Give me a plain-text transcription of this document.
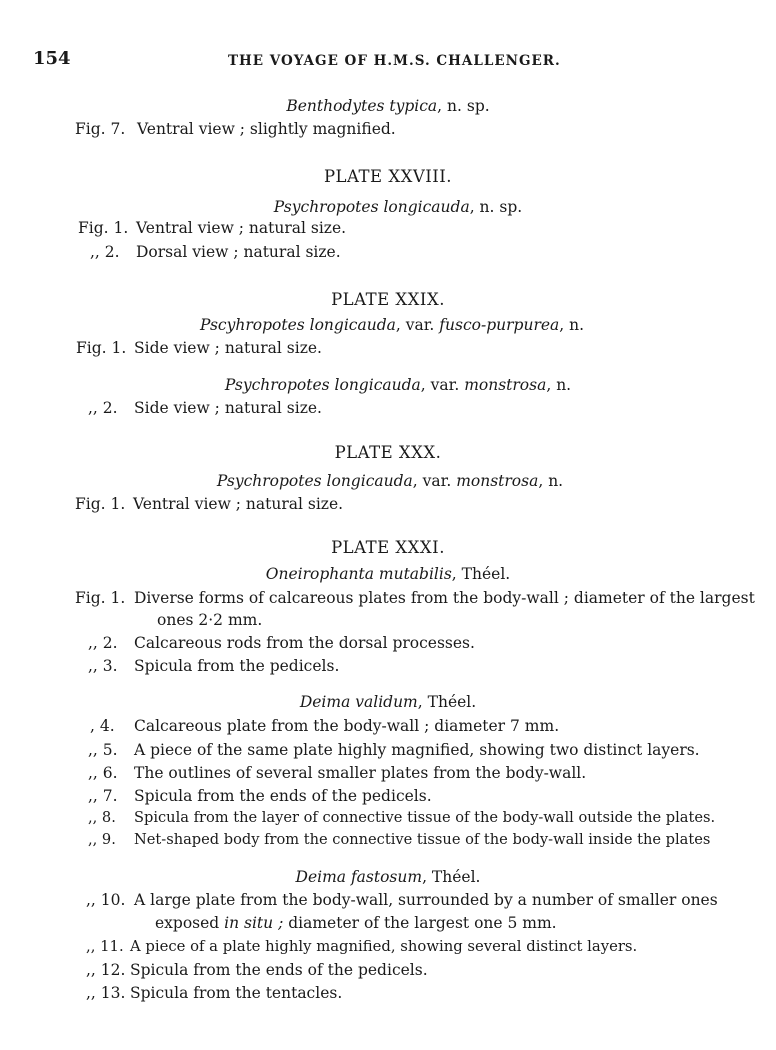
154	THE VOYAGE OF H.M.S. CHALLENGER.
Benthodytes typica, n. sp.
Fig. 7. Ventral view ; slightly magnified.
PLATE XXVIII.
Psychropotes longicauda, n. sp.
Fig. 1. Ventral view ; natural size.
,, 2. Dorsal view ; natural size.
PLATE XXIX.
Pscyhropotes longicauda, var. fusco-purpurea, n.
Fig. 1. Side view ; natural size.
Psychropotes longicauda, var. monstrosa, n.
,, 2. Side view ; natural size.
PLATE XXX.
Psychropotes longicauda, var. monstrosa, n.
Fig. 1. Ventral view ; natural size.
PLATE XXXI.
Oneirophanta mutabilis, Théel.
Fig. 1. Diverse forms of calcareous plates from the body-wall ; diameter of the largest
ones 2·2 mm.
,, 2. Calcareous rods from the dorsal processes.
,, 3. Spicula from the pedicels.
Deima validum, Théel.
, 4. Calcareous plate from the body-wall ; diameter 7 mm.
,, 5. A piece of the same plate highly magnified, showing two distinct layers.
,, 6. The outlines of several smaller plates from the body-wall.
,, 7. Spicula from the ends of the pedicels.
,, 8. Spicula from the layer of connective tissue of the body-wall outside the plates.
,, 9. Net-shaped body from the connective tissue of the body-wall inside the plates
Deima fastosum, Théel.
,, 10. A large plate from the body-wall, surrounded by a number of smaller ones
exposed in situ ; diameter of the largest one 5 mm.
,, 11. A piece of a plate highly magnified, showing several distinct layers.
,, 12. Spicula from the ends of the pedicels.
,, 13. Spicula from the tentacles.
